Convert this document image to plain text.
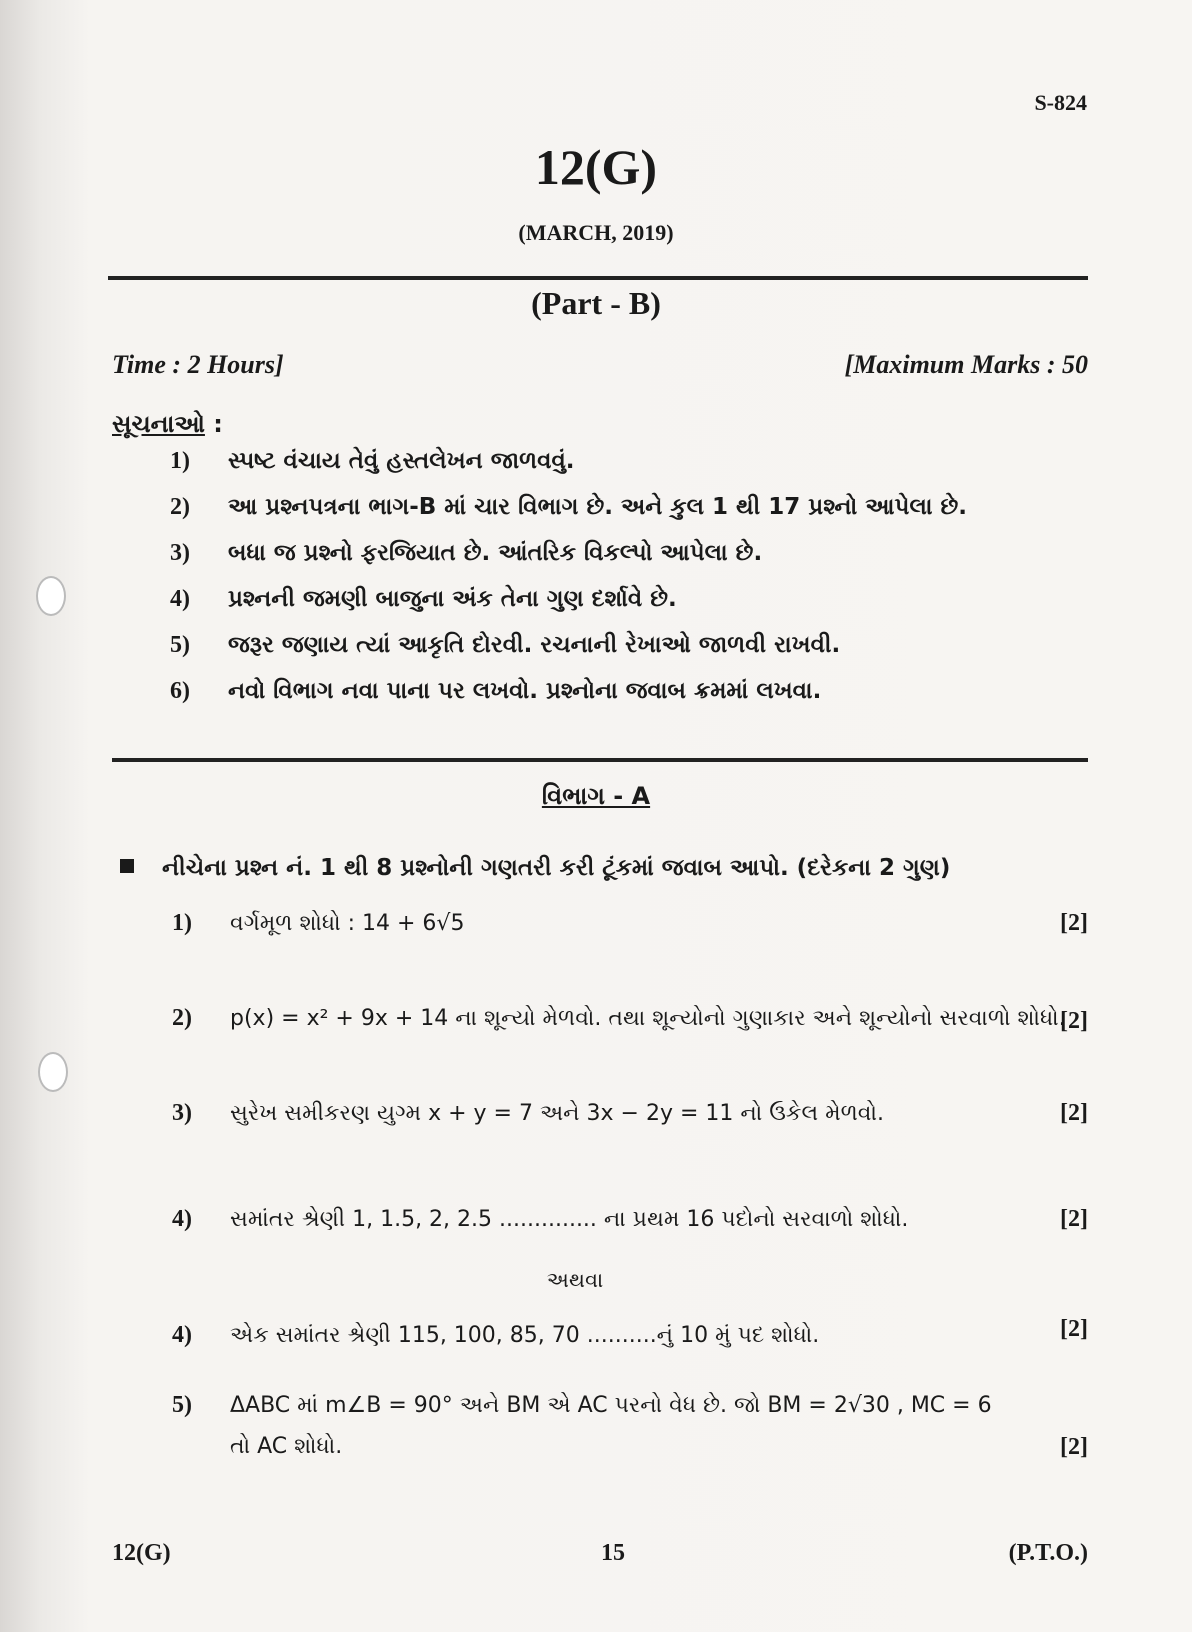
S-824
12(G)
(MARCH, 2019)
(Part - B)
Time : 2 Hours]	[Maximum Marks : 50
સૂચનાઓ :
1) સ્પષ્ટ વંચાય તેવું હસ્તલેખન જાળવવું.
2) આ પ્રશ્નપત્રના ભાગ-B માં ચાર વિભાગ છે. અને કુલ 1 થી 17 પ્રશ્નો આપેલા છે.
3) બધા જ પ્રશ્નો ફરજિયાત છે. આંતરિક વિકલ્પો આપેલા છે.
4) પ્રશ્નની જમણી બાજુના અંક તેના ગુણ દર્શાવે છે.
5) જરૂર જણાય ત્યાં આકૃતિ દોરવી. રચનાની રેખાઓ જાળવી રાખવી.
6) નવો વિભાગ નવા પાના પર લખવો. પ્રશ્નોના જવાબ ક્રમમાં લખવા.
વિભાગ - A
નીચેના પ્રશ્ન નં. 1 થી 8 પ્રશ્નોની ગણતરી કરી ટૂંકમાં જવાબ આપો. (દરેકના 2 ગુણ)
1) વર્ગમૂળ શોધો : 14 + 6√5	[2]
2) p(x) = x² + 9x + 14 ના શૂન્યો મેળવો. તથા શૂન્યોનો ગુણાકાર અને શૂન્યોનો સરવાળો શોધો.
[2]
3) સુરેખ સમીકરણ યુગ્મ x + y = 7 અને 3x − 2y = 11 નો ઉકેલ મેળવો.	[2]
4) સમાંતર શ્રેણી 1, 1.5, 2, 2.5 .............. ના પ્રથમ 16 પદોનો સરવાળો શોધો.	[2]
અથવા
4) એક સમાંતર શ્રેણી 115, 100, 85, 70 ..........નું 10 મું પદ શોધો.	[2]
5) ΔABC માં m∠B = 90° અને BM એ AC પરનો વેધ છે. જો BM = 2√30 , MC = 6
તો AC શોધો.	[2]
12(G)	15	(P.T.O.)
